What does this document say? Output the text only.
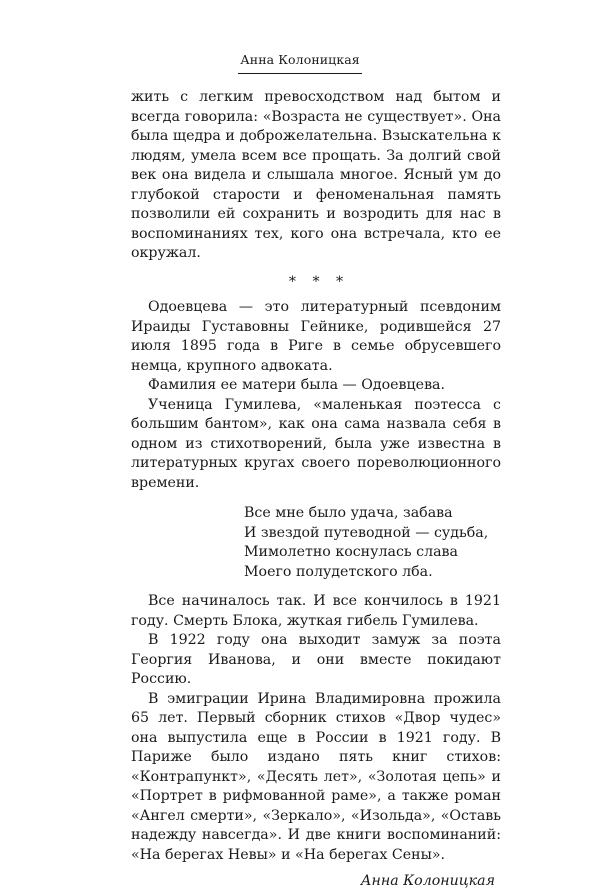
Анна Колоницкая

жить с легким превосходством над бытом и всегда говорила: «Возраста не существует». Она была щедра и доброжелательна. Взыскательна к людям, умела всем все прощать. За долгий свой век она видела и слышала многое. Ясный ум до глубокой старости и феноменальная память позволили ей сохранить и возродить для нас в воспоминаниях тех, кого она встречала, кто ее окружал.

* * *

Одоевцева — это литературный псевдоним Ираиды Густавовны Гейнике, родившейся 27 июля 1895 года в Риге в семье обрусевшего немца, крупного адвоката.

Фамилия ее матери была — Одоевцева.

Ученица Гумилева, «маленькая поэтесса с большим бантом», как она сама назвала себя в одном из стихотворений, была уже известна в литературных кругах своего пореволюционного времени.

Все мне было удача, забава
И звездой путеводной — судьба,
Мимолетно коснулась слава
Моего полудетского лба.

Все начиналось так. И все кончилось в 1921 году. Смерть Блока, жуткая гибель Гумилева.

В 1922 году она выходит замуж за поэта Георгия Иванова, и они вместе покидают Россию.

В эмиграции Ирина Владимировна прожила 65 лет. Первый сборник стихов «Двор чудес» она выпустила еще в России в 1921 году. В Париже было издано пять книг стихов: «Контрапункт», «Десять лет», «Золотая цепь» и «Портрет в рифмованной раме», а также роман «Ангел смерти», «Зеркало», «Изольда», «Оставь надежду навсегда». И две книги воспоминаний: «На берегах Невы» и «На берегах Сены».

Анна Колоницкая
